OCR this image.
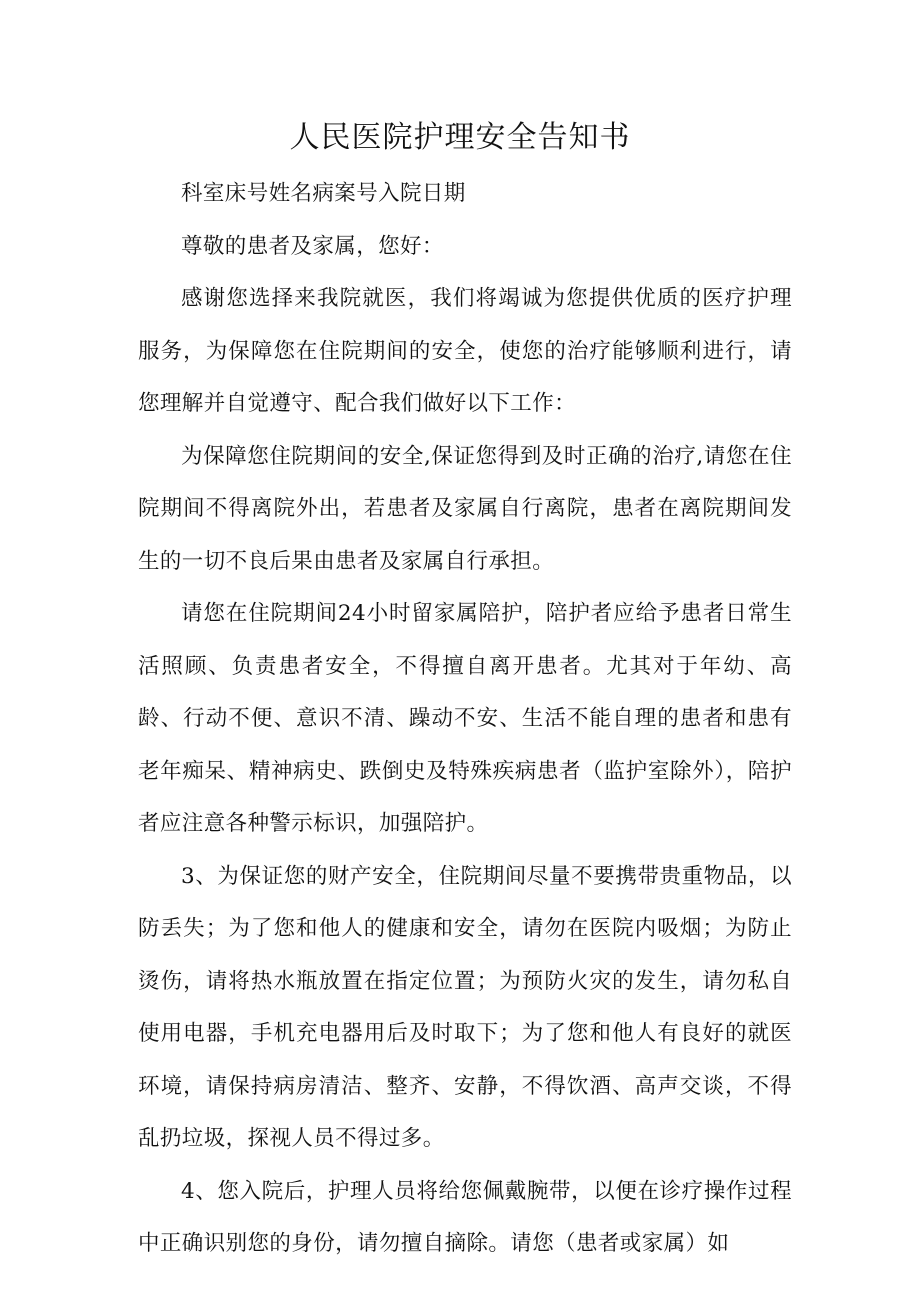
人民医院护理安全告知书

科室床号姓名病案号入院日期

尊敬的患者及家属，您好：

感谢您选择来我院就医，我们将竭诚为您提供优质的医疗护理服务，为保障您在住院期间的安全，使您的治疗能够顺利进行，请您理解并自觉遵守、配合我们做好以下工作：

为保障您住院期间的安全,保证您得到及时正确的治疗,请您在住院期间不得离院外出，若患者及家属自行离院，患者在离院期间发生的一切不良后果由患者及家属自行承担。

请您在住院期间24小时留家属陪护，陪护者应给予患者日常生活照顾、负责患者安全，不得擅自离开患者。尤其对于年幼、高龄、行动不便、意识不清、躁动不安、生活不能自理的患者和患有老年痴呆、精神病史、跌倒史及特殊疾病患者（监护室除外），陪护者应注意各种警示标识，加强陪护。

3、为保证您的财产安全，住院期间尽量不要携带贵重物品，以防丢失；为了您和他人的健康和安全，请勿在医院内吸烟；为防止烫伤，请将热水瓶放置在指定位置；为预防火灾的发生，请勿私自使用电器，手机充电器用后及时取下；为了您和他人有良好的就医环境，请保持病房清洁、整齐、安静，不得饮酒、高声交谈，不得乱扔垃圾，探视人员不得过多。

4、您入院后，护理人员将给您佩戴腕带，以便在诊疗操作过程中正确识别您的身份，请勿擅自摘除。请您（患者或家属）如
